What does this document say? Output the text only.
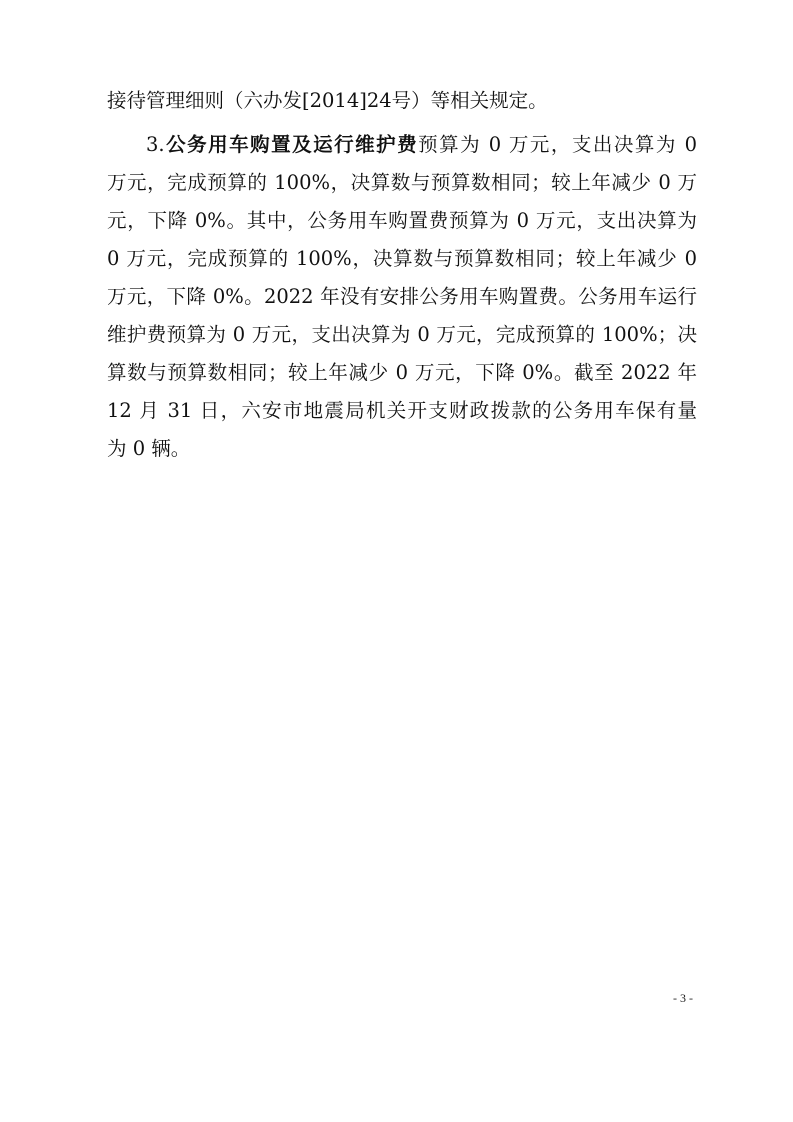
接待管理细则（六办发[2014]24号）等相关规定。
3.公务用车购置及运行维护费预算为 0 万元，支出决算为 0
万元，完成预算的 100%，决算数与预算数相同；较上年减少 0 万
元，下降 0%。其中，公务用车购置费预算为 0 万元，支出决算为
0 万元，完成预算的 100%，决算数与预算数相同；较上年减少 0
万元，下降 0%。2022 年没有安排公务用车购置费。公务用车运行
维护费预算为 0 万元，支出决算为 0 万元，完成预算的 100%；决
算数与预算数相同；较上年减少 0 万元，下降 0%。截至 2022 年
12 月 31 日，六安市地震局机关开支财政拨款的公务用车保有量
为 0 辆。
- 3 -
